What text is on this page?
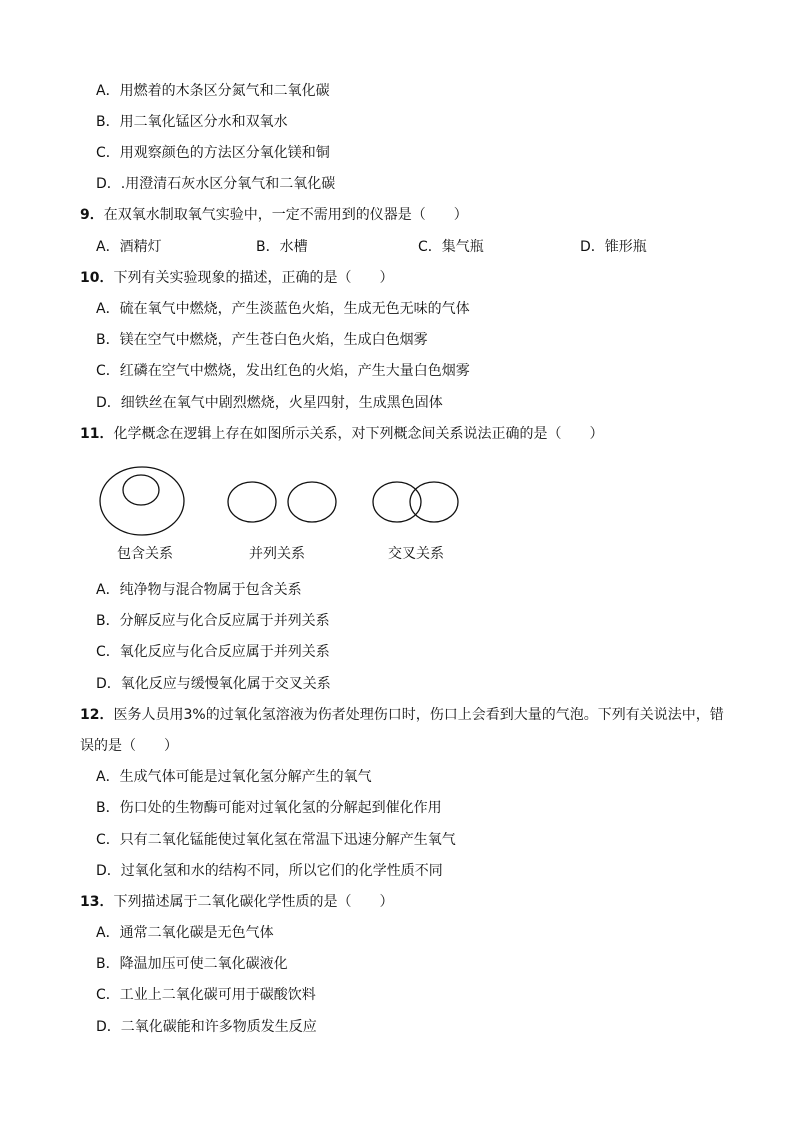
A．用燃着的木条区分氮气和二氧化碳
B．用二氧化锰区分水和双氧水
C．用观察颜色的方法区分氧化镁和铜
D．.用澄清石灰水区分氧气和二氧化碳
9．在双氧水制取氧气实验中，一定不需用到的仪器是（　　）
A．酒精灯	B．水槽	C．集气瓶	D．锥形瓶
10．下列有关实验现象的描述，正确的是（　　）
A．硫在氧气中燃烧，产生淡蓝色火焰，生成无色无味的气体
B．镁在空气中燃烧，产生苍白色火焰，生成白色烟雾
C．红磷在空气中燃烧，发出红色的火焰，产生大量白色烟雾
D．细铁丝在氧气中剧烈燃烧，火星四射，生成黑色固体
11．化学概念在逻辑上存在如图所示关系，对下列概念间关系说法正确的是（　　）
包含关系	并列关系	交叉关系
A．纯净物与混合物属于包含关系
B．分解反应与化合反应属于并列关系
C．氧化反应与化合反应属于并列关系
D．氧化反应与缓慢氧化属于交叉关系
12．医务人员用3%的过氧化氢溶液为伤者处理伤口时，伤口上会看到大量的气泡。下列有关说法中，错
误的是（　　）
A．生成气体可能是过氧化氢分解产生的氧气
B．伤口处的生物酶可能对过氧化氢的分解起到催化作用
C．只有二氧化锰能使过氧化氢在常温下迅速分解产生氧气
D．过氧化氢和水的结构不同，所以它们的化学性质不同
13．下列描述属于二氧化碳化学性质的是（　　）
A．通常二氧化碳是无色气体
B．降温加压可使二氧化碳液化
C．工业上二氧化碳可用于碳酸饮料
D．二氧化碳能和许多物质发生反应
